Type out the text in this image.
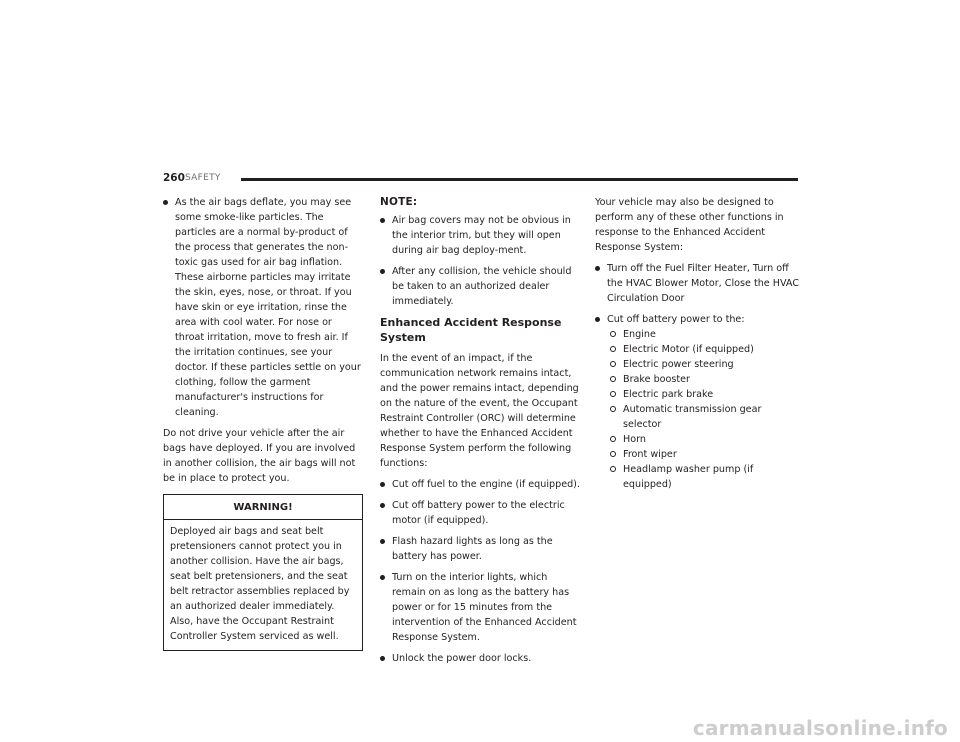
260 SAFETY
As the air bags deflate, you may see some smoke-like particles. The particles are a normal by-product of the process that generates the non-toxic gas used for air bag inflation. These airborne particles may irritate the skin, eyes, nose, or throat. If you have skin or eye irritation, rinse the area with cool water. For nose or throat irritation, move to fresh air. If the irritation continues, see your doctor. If these particles settle on your clothing, follow the garment manufacturer's instructions for cleaning.

Do not drive your vehicle after the air bags have deployed. If you are involved in another collision, the air bags will not be in place to protect you.

WARNING!
Deployed air bags and seat belt pretensioners cannot protect you in another collision. Have the air bags, seat belt pretensioners, and the seat belt retractor assemblies replaced by an authorized dealer immediately. Also, have the Occupant Restraint Controller System serviced as well.
NOTE:
Air bag covers may not be obvious in the interior trim, but they will open during air bag deploy-ment.
After any collision, the vehicle should be taken to an authorized dealer immediately.
Enhanced Accident Response System

In the event of an impact, if the communication network remains intact, and the power remains intact, depending on the nature of the event, the Occupant Restraint Controller (ORC) will determine whether to have the Enhanced Accident Response System perform the following functions:

Cut off fuel to the engine (if equipped).
Cut off battery power to the electric motor (if equipped).
Flash hazard lights as long as the battery has power.
Turn on the interior lights, which remain on as long as the battery has power or for 15 minutes from the intervention of the Enhanced Accident Response System.
Unlock the power door locks.

Your vehicle may also be designed to perform any of these other functions in response to the Enhanced Accident Response System:

Turn off the Fuel Filter Heater, Turn off the HVAC Blower Motor, Close the HVAC Circulation Door
Cut off battery power to the:
Engine
Electric Motor (if equipped)
Electric power steering
Brake booster
Electric park brake
Automatic transmission gear selector
Horn
Front wiper
Headlamp washer pump (if equipped)
carmanualsonline.info
